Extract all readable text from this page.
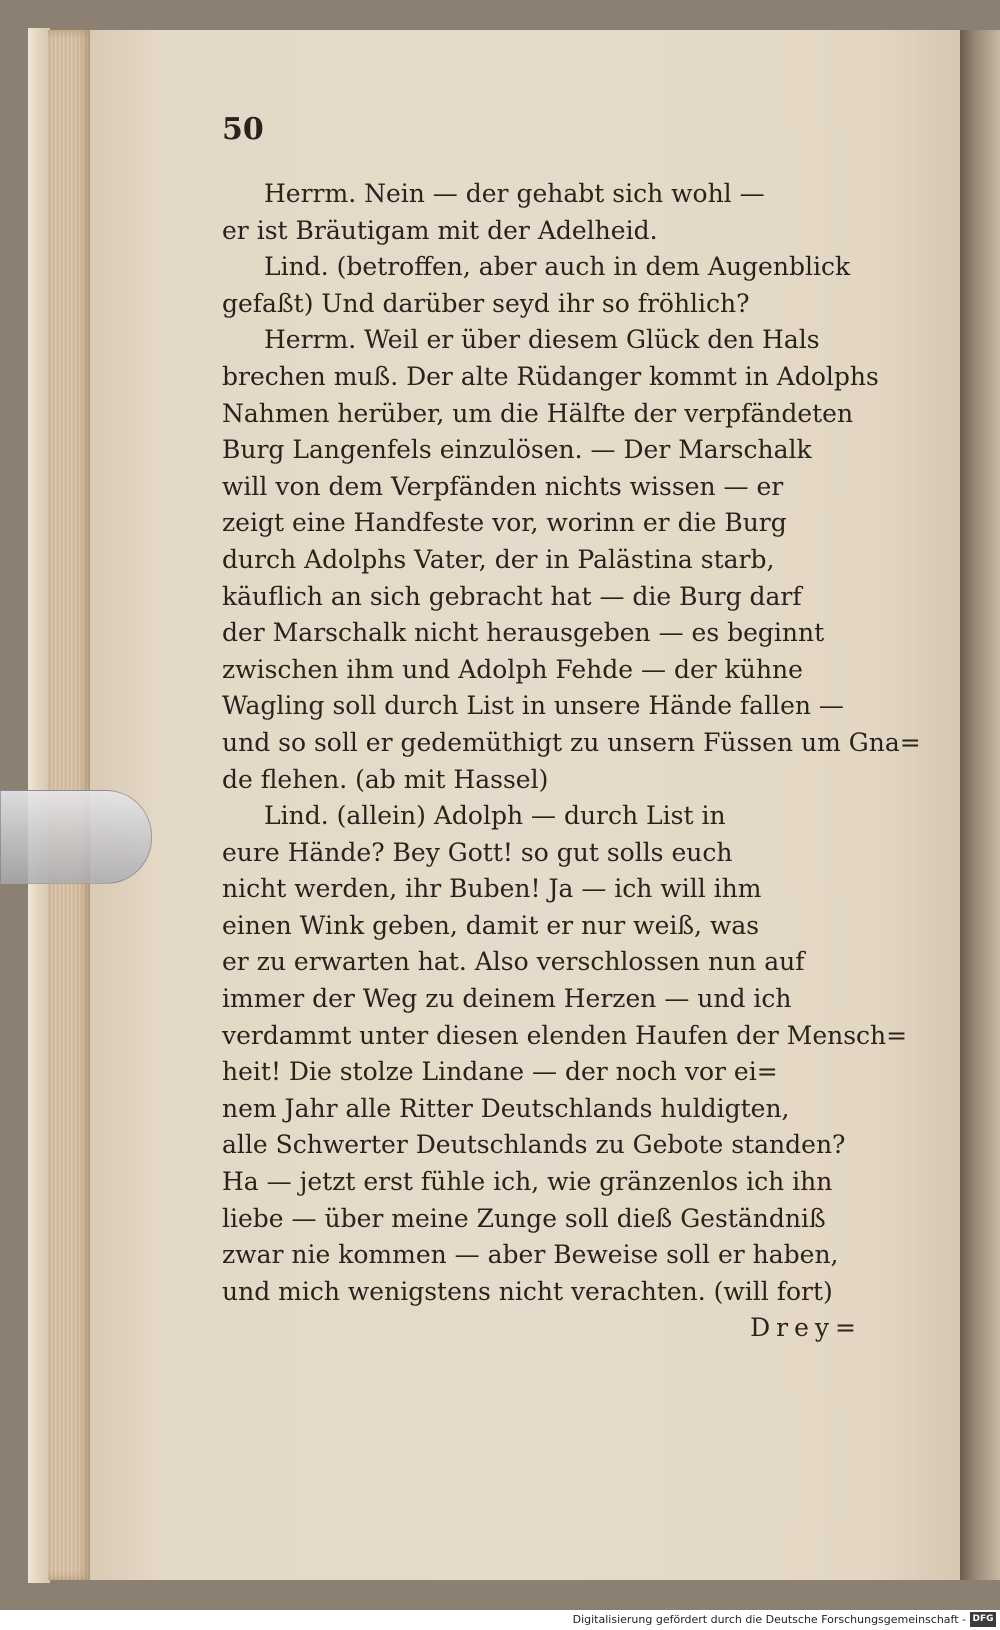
50
Herrm. Nein — der gehabt sich wohl —
er ist Bräutigam mit der Adelheid.
Lind. (betroffen, aber auch in dem Augenblick
gefaßt) Und darüber seyd ihr so fröhlich?
Herrm. Weil er über diesem Glück den Hals
brechen muß. Der alte Rüdanger kommt in Adolphs
Nahmen herüber, um die Hälfte der verpfändeten
Burg Langenfels einzulösen. — Der Marschalk
will von dem Verpfänden nichts wissen — er
zeigt eine Handfeste vor, worinn er die Burg
durch Adolphs Vater, der in Palästina starb,
käuflich an sich gebracht hat — die Burg darf
der Marschalk nicht herausgeben — es beginnt
zwischen ihm und Adolph Fehde — der kühne
Wagling soll durch List in unsere Hände fallen —
und so soll er gedemüthigt zu unsern Füssen um Gna=
de flehen. (ab mit Hassel)
Lind. (allein) Adolph — durch List in
eure Hände? Bey Gott! so gut solls euch
nicht werden, ihr Buben! Ja — ich will ihm
einen Wink geben, damit er nur weiß, was
er zu erwarten hat. Also verschlossen nun auf
immer der Weg zu deinem Herzen — und ich
verdammt unter diesen elenden Haufen der Mensch=
heit! Die stolze Lindane — der noch vor ei=
nem Jahr alle Ritter Deutschlands huldigten,
alle Schwerter Deutschlands zu Gebote standen?
Ha — jetzt erst fühle ich, wie gränzenlos ich ihn
liebe — über meine Zunge soll dieß Geständniß
zwar nie kommen — aber Beweise soll er haben,
und mich wenigstens nicht verachten. (will fort)
Drey=
Digitalisierung gefördert durch die Deutsche Forschungsgemeinschaft - DFG
